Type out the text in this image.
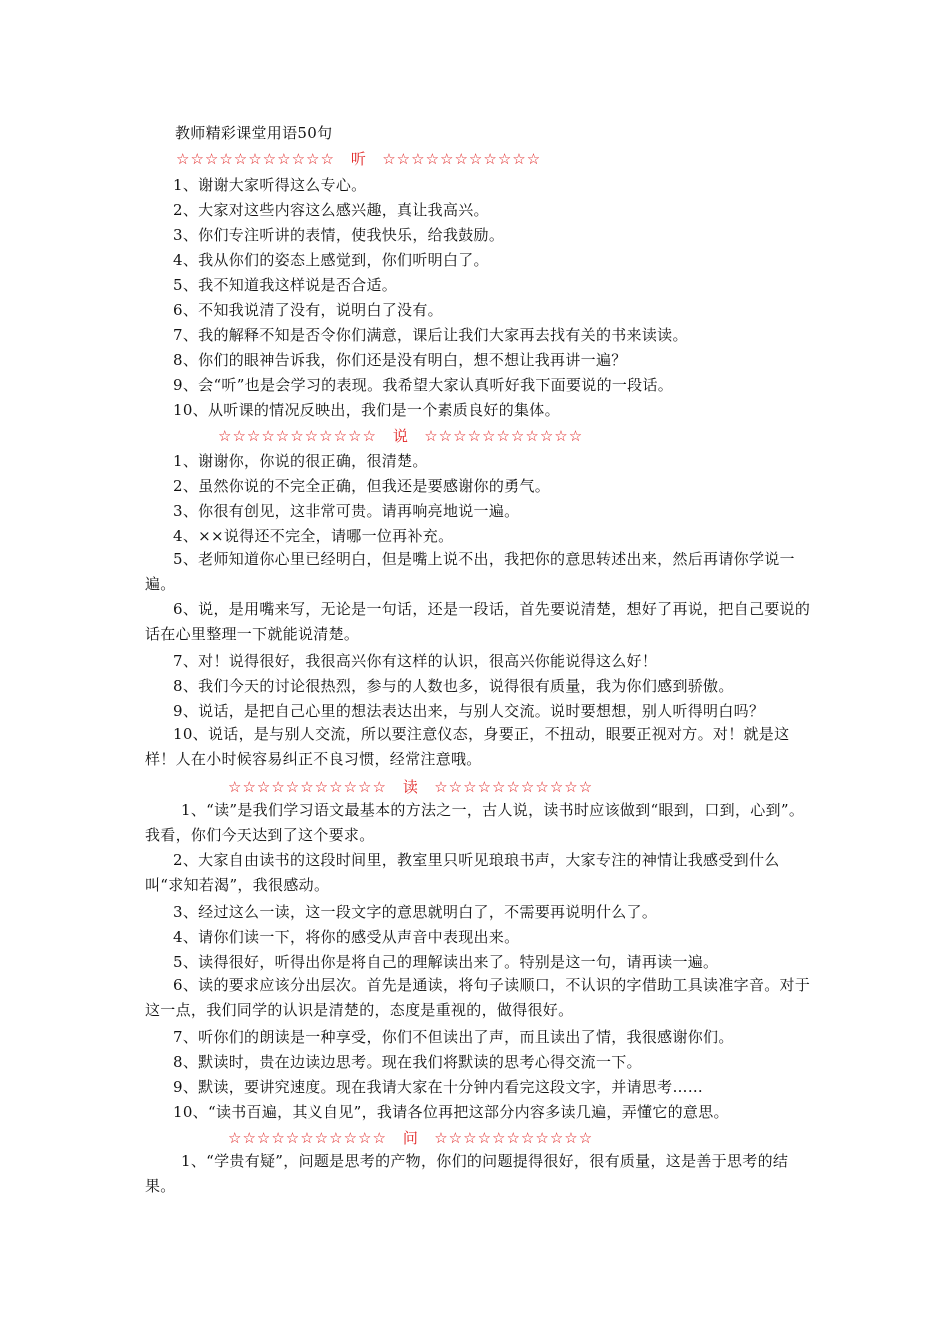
教师精彩课堂用语50句
☆☆☆☆☆☆☆☆☆☆☆ 听 ☆☆☆☆☆☆☆☆☆☆☆
1、谢谢大家听得这么专心。
2、大家对这些内容这么感兴趣，真让我高兴。
3、你们专注听讲的表情，使我快乐，给我鼓励。
4、我从你们的姿态上感觉到，你们听明白了。
5、我不知道我这样说是否合适。
6、不知我说清了没有，说明白了没有。
7、我的解释不知是否令你们满意，课后让我们大家再去找有关的书来读读。
8、你们的眼神告诉我，你们还是没有明白，想不想让我再讲一遍？
9、会“听”也是会学习的表现。我希望大家认真听好我下面要说的一段话。
10、从听课的情况反映出，我们是一个素质良好的集体。
☆☆☆☆☆☆☆☆☆☆☆ 说 ☆☆☆☆☆☆☆☆☆☆☆
1、谢谢你，你说的很正确，很清楚。
2、虽然你说的不完全正确，但我还是要感谢你的勇气。
3、你很有创见，这非常可贵。请再响亮地说一遍。
4、××说得还不完全，请哪一位再补充。
5、老师知道你心里已经明白，但是嘴上说不出，我把你的意思转述出来，然后再请你学说一遍。
6、说，是用嘴来写，无论是一句话，还是一段话，首先要说清楚，想好了再说，把自己要说的话在心里整理一下就能说清楚。
7、对！说得很好，我很高兴你有这样的认识，很高兴你能说得这么好！
8、我们今天的讨论很热烈，参与的人数也多，说得很有质量，我为你们感到骄傲。
9、说话，是把自己心里的想法表达出来，与别人交流。说时要想想，别人听得明白吗？
10、说话，是与别人交流，所以要注意仪态，身要正，不扭动，眼要正视对方。对！就是这样！人在小时候容易纠正不良习惯，经常注意哦。
☆☆☆☆☆☆☆☆☆☆☆ 读 ☆☆☆☆☆☆☆☆☆☆☆
1、“读”是我们学习语文最基本的方法之一，古人说，读书时应该做到“眼到，口到，心到”。我看，你们今天达到了这个要求。
2、大家自由读书的这段时间里，教室里只听见琅琅书声，大家专注的神情让我感受到什么叫“求知若渴”，我很感动。
3、经过这么一读，这一段文字的意思就明白了，不需要再说明什么了。
4、请你们读一下，将你的感受从声音中表现出来。
5、读得很好，听得出你是将自己的理解读出来了。特别是这一句，请再读一遍。
6、读的要求应该分出层次。首先是通读，将句子读顺口，不认识的字借助工具读准字音。对于这一点，我们同学的认识是清楚的，态度是重视的，做得很好。
7、听你们的朗读是一种享受，你们不但读出了声，而且读出了情，我很感谢你们。
8、默读时，贵在边读边思考。现在我们将默读的思考心得交流一下。
9、默读，要讲究速度。现在我请大家在十分钟内看完这段文字，并请思考……
10、“读书百遍，其义自见”，我请各位再把这部分内容多读几遍，弄懂它的意思。
☆☆☆☆☆☆☆☆☆☆☆ 问 ☆☆☆☆☆☆☆☆☆☆☆
1、“学贵有疑”，问题是思考的产物，你们的问题提得很好，很有质量，这是善于思考的结果。
